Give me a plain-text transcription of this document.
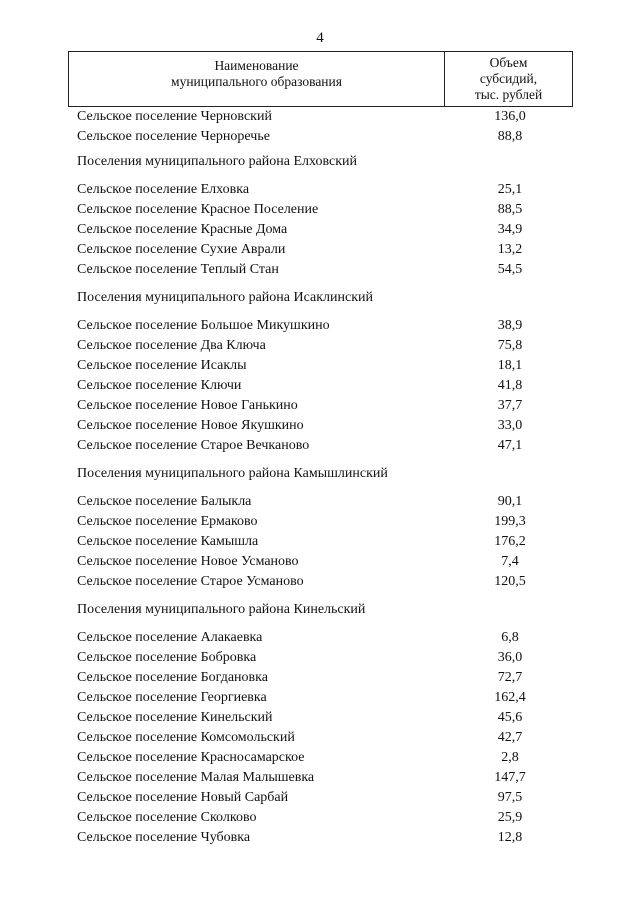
4
Наименование
муниципального образования
Объем
субсидий,
тыс. рублей
Сельское поселение Черновский	136,0
Сельское поселение Черноречье	88,8
Поселения муниципального района Елховский
Сельское поселение Елховка	25,1
Сельское поселение Красное Поселение	88,5
Сельское поселение Красные Дома	34,9
Сельское поселение Сухие Аврали	13,2
Сельское поселение Теплый Стан	54,5
Поселения муниципального района Исаклинский
Сельское поселение Большое Микушкино	38,9
Сельское поселение Два Ключа	75,8
Сельское поселение Исаклы	18,1
Сельское поселение Ключи	41,8
Сельское поселение Новое Ганькино	37,7
Сельское поселение Новое Якушкино	33,0
Сельское поселение Старое Вечканово	47,1
Поселения муниципального района Камышлинский
Сельское поселение Балыкла	90,1
Сельское поселение Ермаково	199,3
Сельское поселение Камышла	176,2
Сельское поселение Новое Усманово	7,4
Сельское поселение Старое Усманово	120,5
Поселения муниципального района Кинельский
Сельское поселение Алакаевка	6,8
Сельское поселение Бобровка	36,0
Сельское поселение Богдановка	72,7
Сельское поселение Георгиевка	162,4
Сельское поселение Кинельский	45,6
Сельское поселение Комсомольский	42,7
Сельское поселение Красносамарское	2,8
Сельское поселение Малая Малышевка	147,7
Сельское поселение Новый Сарбай	97,5
Сельское поселение Сколково	25,9
Сельское поселение Чубовка	12,8
